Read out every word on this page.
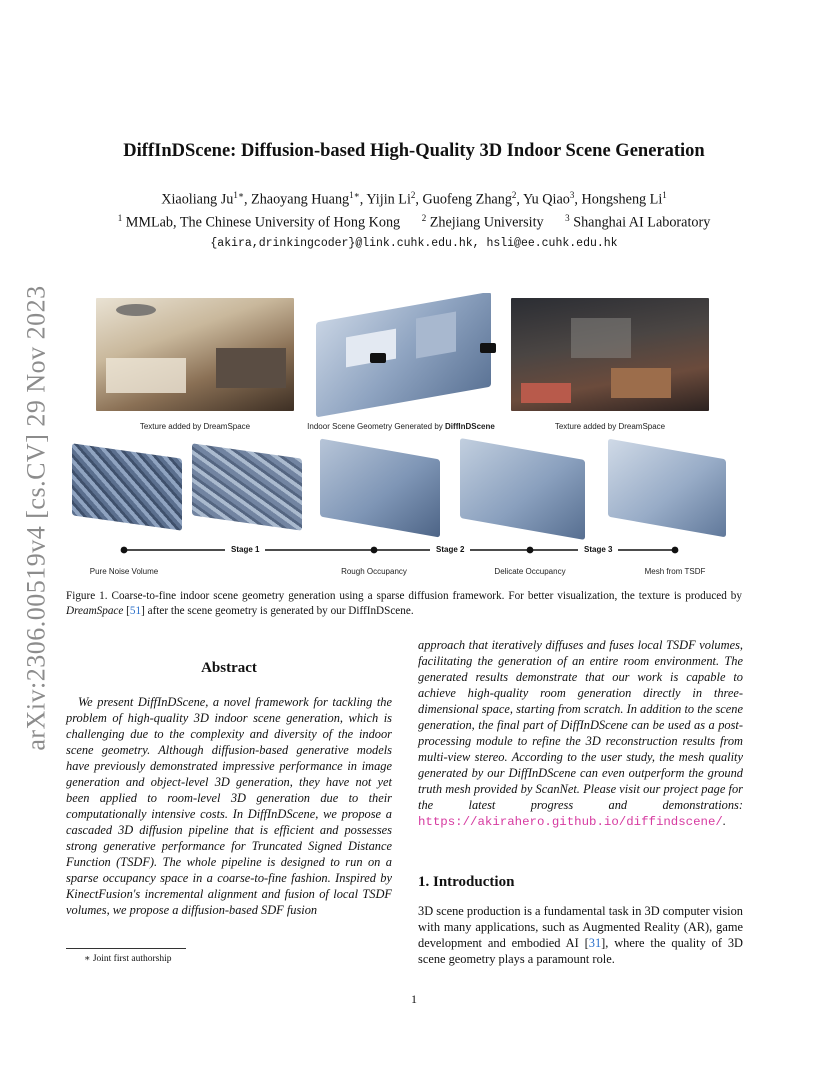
arXiv:2306.00519v4 [cs.CV] 29 Nov 2023
DiffInDScene: Diffusion-based High-Quality 3D Indoor Scene Generation
Xiaoliang $Ju^{1∗}$, Zhaoyang Huang$^{1∗}$, Yijin Li$^2$, Guofeng Zhang$^2$, Yu Qiao$^3$, Hongsheng Li$^1$
$^1$ MMLab, The Chinese University of Hong Kong $^2$ Zhejiang University $^3$ Shanghai AI Laboratory
{akira,drinkingcoder}@link.cuhk.edu.hk, hsli@ee.cuhk.edu.hk
Texture added by DreamSpace	Indoor Scene Geometry Generated by DiffInDScene	Texture added by DreamSpace
Stage 1	Stage 2	Stage 3
Pure Noise Volume	Rough Occupancy	Delicate Occupancy	Mesh from TSDF
Figure 1. Coarse-to-fine indoor scene geometry generation using a sparse diffusion framework. For better visualization, the texture is produced by DreamSpace [51] after the scene geometry is generated by our DiffInDScene.
Abstract

We present DiffInDScene, a novel framework for tackling the problem of high-quality 3D indoor scene generation, which is challenging due to the complexity and diversity of the indoor scene geometry. Although diffusion-based generative models have previously demonstrated impressive performance in image generation and object-level 3D generation, they have not yet been applied to room-level 3D generation due to their computationally intensive costs. In DiffInDScene, we propose a cascaded 3D diffusion pipeline that is efficient and possesses strong generative performance for Truncated Signed Distance Function (TSDF). The whole pipeline is designed to run on a sparse occupancy space in a coarse-to-fine fashion. Inspired by KinectFusion's incremental alignment and fusion of local TSDF volumes, we propose a diffusion-based SDF fusion

∗ Joint first authorship

approach that iteratively diffuses and fuses local TSDF volumes, facilitating the generation of an entire room environment. The generated results demonstrate that our work is capable to achieve high-quality room generation directly in three-dimensional space, starting from scratch. In addition to the scene generation, the final part of DiffInDScene can be used as a post-processing module to refine the 3D reconstruction results from multi-view stereo. According to the user study, the mesh quality generated by our DiffInDScene can even outperform the ground truth mesh provided by ScanNet. Please visit our project page for the latest progress and demonstrations: https://akirahero.github.io/diffindscene/.

1. Introduction

3D scene production is a fundamental task in 3D computer vision with many applications, such as Augmented Reality (AR), game development and embodied AI [31], where the quality of 3D scene geometry plays a paramount role.

1
